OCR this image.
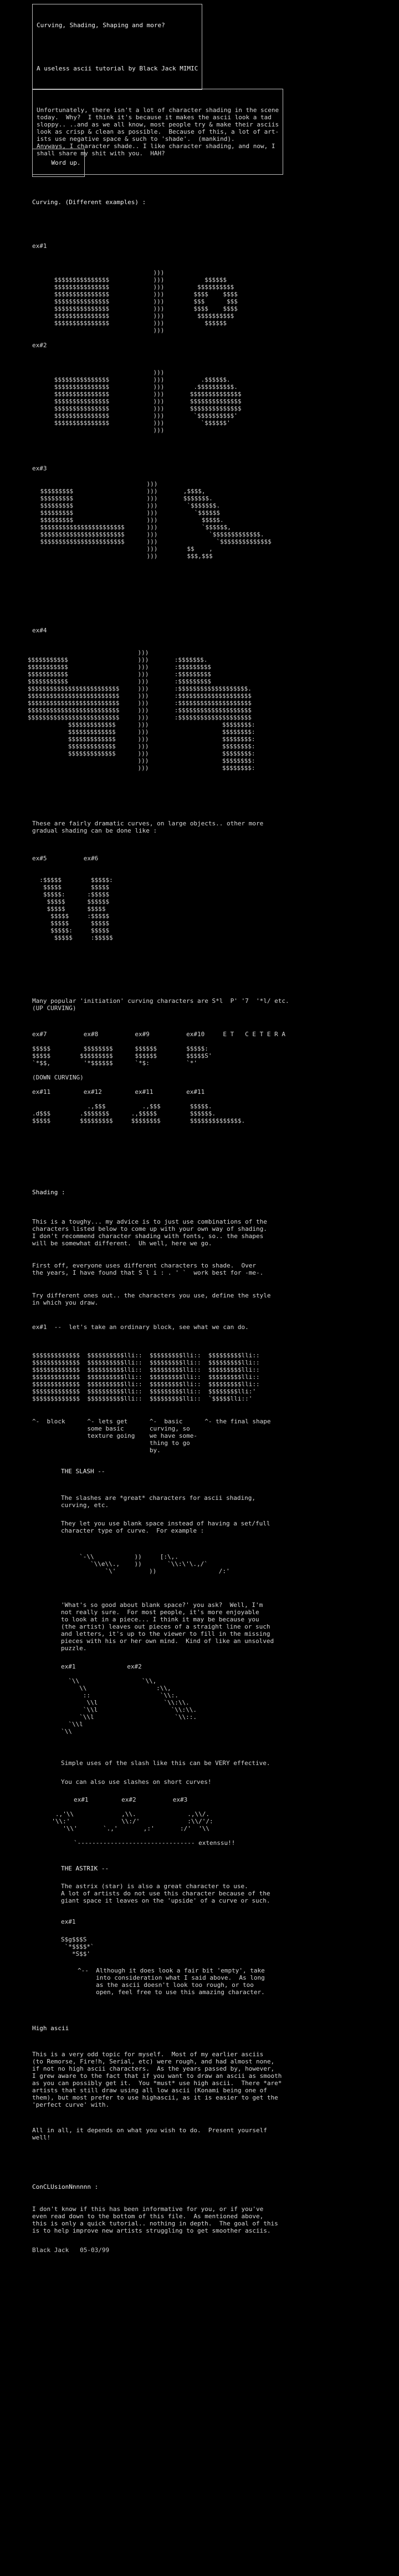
Curving, Shading, Shaping and more?

A useless ascii tutorial by Black Jack MIMIC

Unfortunately, there isn't a lot of character shading in the scene
today.  Why?  I think it's because it makes the ascii look a tad
sloppy.. ..and as we all know, most people try & make their asciis
look as crisp & clean as possible.  Because of this, a lot of art-
ists use negative space & such to 'shade'.  (mankind).
Anyways, I character shade.. I like character shading, and now, I
shall share my shit with you.  HAH?

Word up.

Curving. (Different examples) :
ex#1
)))
$$$$$$$$$$$$$$$            )))           $$$$$$
$$$$$$$$$$$$$$$            )))         $$$$$$$$$$
$$$$$$$$$$$$$$$            )))        $$$$    $$$$
$$$$$$$$$$$$$$$            )))        $$$      $$$
$$$$$$$$$$$$$$$            )))        $$$$    $$$$
$$$$$$$$$$$$$$$            )))         $$$$$$$$$$
$$$$$$$$$$$$$$$            )))           $$$$$$
)))
ex#2
)))
$$$$$$$$$$$$$$$            )))          .$$$$$$.
$$$$$$$$$$$$$$$            )))        .$$$$$$$$$$.
$$$$$$$$$$$$$$$            )))       $$$$$$$$$$$$$$
$$$$$$$$$$$$$$$            )))       $$$$$$$$$$$$$$
$$$$$$$$$$$$$$$            )))       $$$$$$$$$$$$$$
$$$$$$$$$$$$$$$            )))        `$$$$$$$$$$'
$$$$$$$$$$$$$$$            )))          `$$$$$$'
)))
ex#3
)))
$$$$$$$$$                    )))       ,$$$$,
$$$$$$$$$                    )))       $$$$$$$.
$$$$$$$$$                    )))        `$$$$$$$.
$$$$$$$$$                    )))          `$$$$$$
$$$$$$$$$                    )))            $$$$$.
$$$$$$$$$$$$$$$$$$$$$$$      )))            `$$$$$$,
$$$$$$$$$$$$$$$$$$$$$$$      )))              `$$$$$$$$$$$$$.
$$$$$$$$$$$$$$$$$$$$$$$      )))                `$$$$$$$$$$$$$$
)))        $$    ,
)))        $$$,$$$
ex#4
)))
$$$$$$$$$$$                   )))       :$$$$$$$.
$$$$$$$$$$$                   )))       :$$$$$$$$$
$$$$$$$$$$$                   )))       :$$$$$$$$$
$$$$$$$$$$$                   )))       :$$$$$$$$$
$$$$$$$$$$$$$$$$$$$$$$$$$     )))       :$$$$$$$$$$$$$$$$$$$.
$$$$$$$$$$$$$$$$$$$$$$$$$     )))       :$$$$$$$$$$$$$$$$$$$$
$$$$$$$$$$$$$$$$$$$$$$$$$     )))       :$$$$$$$$$$$$$$$$$$$$
$$$$$$$$$$$$$$$$$$$$$$$$$     )))       :$$$$$$$$$$$$$$$$$$$$
$$$$$$$$$$$$$$$$$$$$$$$$$     )))       :$$$$$$$$$$$$$$$$$$$$
$$$$$$$$$$$$$      )))                    $$$$$$$$:
$$$$$$$$$$$$$      )))                    $$$$$$$$:
$$$$$$$$$$$$$      )))                    $$$$$$$$:
$$$$$$$$$$$$$      )))                    $$$$$$$$:
$$$$$$$$$$$$$      )))                    $$$$$$$$:
)))                    $$$$$$$$:
)))                    $$$$$$$$:
These are fairly dramatic curves, on large objects.. other more
gradual shading can be done like :
ex#5          ex#6

:$$$$$        $$$$$:
$$$$$        $$$$$
$$$$$:      :$$$$$
$$$$$      $$$$$$
$$$$$      $$$$$
$$$$$     :$$$$$
$$$$$      $$$$$
$$$$$:     $$$$$
$$$$$     :$$$$$
Many popular 'initiation' curving characters are S*l  P' '7  '*l/ etc.
(UP CURVING)
ex#7          ex#8          ex#9          ex#10     E T   C E T E R A

$$$$$         $$$$$$$$      $$$$$$        $$$$$:
$$$$$        $$$$$$$$$      $$$$$$        $$$$$S'
`*$$,         '*$$$$$$      `*$:          `*'

(DOWN CURVING)

ex#11         ex#12         ex#11         ex#11

.,$$$          .,$$$        $$$$$.
.d$$$        .$$$$$$$      .,$$$$$         $$$$$$.
$$$$$        $$$$$$$$$     $$$$$$$$        $$$$$$$$$$$$$$.
Shading :
This is a toughy... my advice is to just use combinations of the
characters listed below to come up with your own way of shading.
I don't recommend character shading with fonts, so.. the shapes
will be somewhat different.  Uh well, here we go.
First off, everyone uses different characters to shade.  Over
the years, I have found that S l i : . ' `  work best for -me-.
Try different ones out.. the characters you use, define the style
in which you draw.
ex#1  --  let's take an ordinary block, see what we can do.
$$$$$$$$$$$$$  $$$$$$$$$$lli::  $$$$$$$$$lli::  $$$$$$$$$lli::
$$$$$$$$$$$$$  $$$$$$$$$$lli::  $$$$$$$$$lli::  $$$$$$$$$lli::
$$$$$$$$$$$$$  $$$$$$$$$$lli::  $$$$$$$$$lli::  $$$$$$$$$lli::
$$$$$$$$$$$$$  $$$$$$$$$$lli::  $$$$$$$$$lli::  $$$$$$$$$lli::
$$$$$$$$$$$$$  $$$$$$$$$$lli::  $$$$$$$$$lli::  $$$$$$$$$lli::
$$$$$$$$$$$$$  $$$$$$$$$$lli::  $$$$$$$$$lli::  $$$$$$$$lli:'
$$$$$$$$$$$$$  $$$$$$$$$$lli::  $$$$$$$$$lli::  `$$$$$lli::'
^-  block      ^- lets get      ^-  basic      ^- the final shape
some basic       curving, so
texture going    we have some-
thing to go
by.
THE SLASH --
The slashes are *great* characters for ascii shading,
curving, etc.
They let you use blank space instead of having a set/full
character type of curve.  For example :
`-\\           ))     [:\,.
`\\e\\.,    ))       `\\:\'\.,/`
`\'         ))                 /:'
'What's so good about blank space?' you ask?  Well, I'm
not really sure.  For most people, it's more enjoyable
to look at in a piece... I think it may be because you
(the artist) leaves out pieces of a straight line or such
and letters, it's up to the viewer to fill in the missing
pieces with his or her own mind.  Kind of like an unsolved
puzzle.
ex#1              ex#2

`\\                 `\\,
\\                   :\\,
::                   `\\:.
\\l                  `\\:\\.
`\\l                    `\\:\\.
`\\l                      `\\::.
`\\l
`\\
Simple uses of the slash like this can be VERY effective.
You can also use slashes on short curves!
ex#1         ex#2          ex#3

.,'\\             ,\\.              .,\\/.
'\\:'              \\:/'             :\\/'/:
'\\'       `.,'       ,:'       :/'  '\\

`-------------------------------- extenssu!!
THE ASTRIK --
The astrix (star) is also a great character to use.
A lot of artists do not use this character because of the
giant space it leaves on the 'upside' of a curve or such.
ex#1
S$g$$$S
`*$$$$*`
*S$$'
^--  Although it does look a fair bit 'empty', take
into consideration what I said above.  As long
as the ascii doesn't look too rough, or too
open, feel free to use this amazing character.
High ascii
This is a very odd topic for myself.  Most of my earlier asciis
(to Remorse, Fire!h, Serial, etc) were rough, and had almost none,
if not no high ascii characters.  As the years passed by, however,
I grew aware to the fact that if you want to draw an ascii as smooth
as you can possibly get it.  You *must* use high ascii.  There *are*
artists that still draw using all low ascii (Konami being one of
them), but most prefer to use highascii, as it is easier to get the
'perfect curve' with.
All in all, it depends on what you wish to do.  Present yourself
well!
ConCLUsionNnnnnn :
I don't know if this has been informative for you, or if you've
even read down to the bottom of this file.  As mentioned above,
this is only a quick tutorial.. nothing in depth.  The goal of this
is to help improve new artists struggling to get smoother asciis.
Black Jack   05-03/99
